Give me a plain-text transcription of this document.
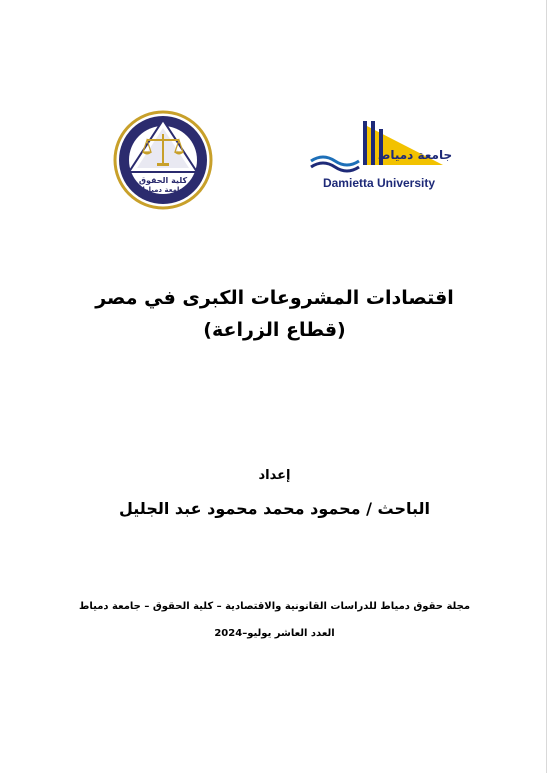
كلية الحقوق
جامعة دمياط
جامعة دمياط
Damietta University
اقتصادات المشروعات الكبرى في مصر
(قطاع الزراعة)
إعداد
الباحث / محمود محمد محمود عبد الجليل
مجلة حقوق دمياط للدراسات القانونية والاقتصادية – كلية الحقوق – جامعة دمياط
العدد العاشر يوليو–2024
